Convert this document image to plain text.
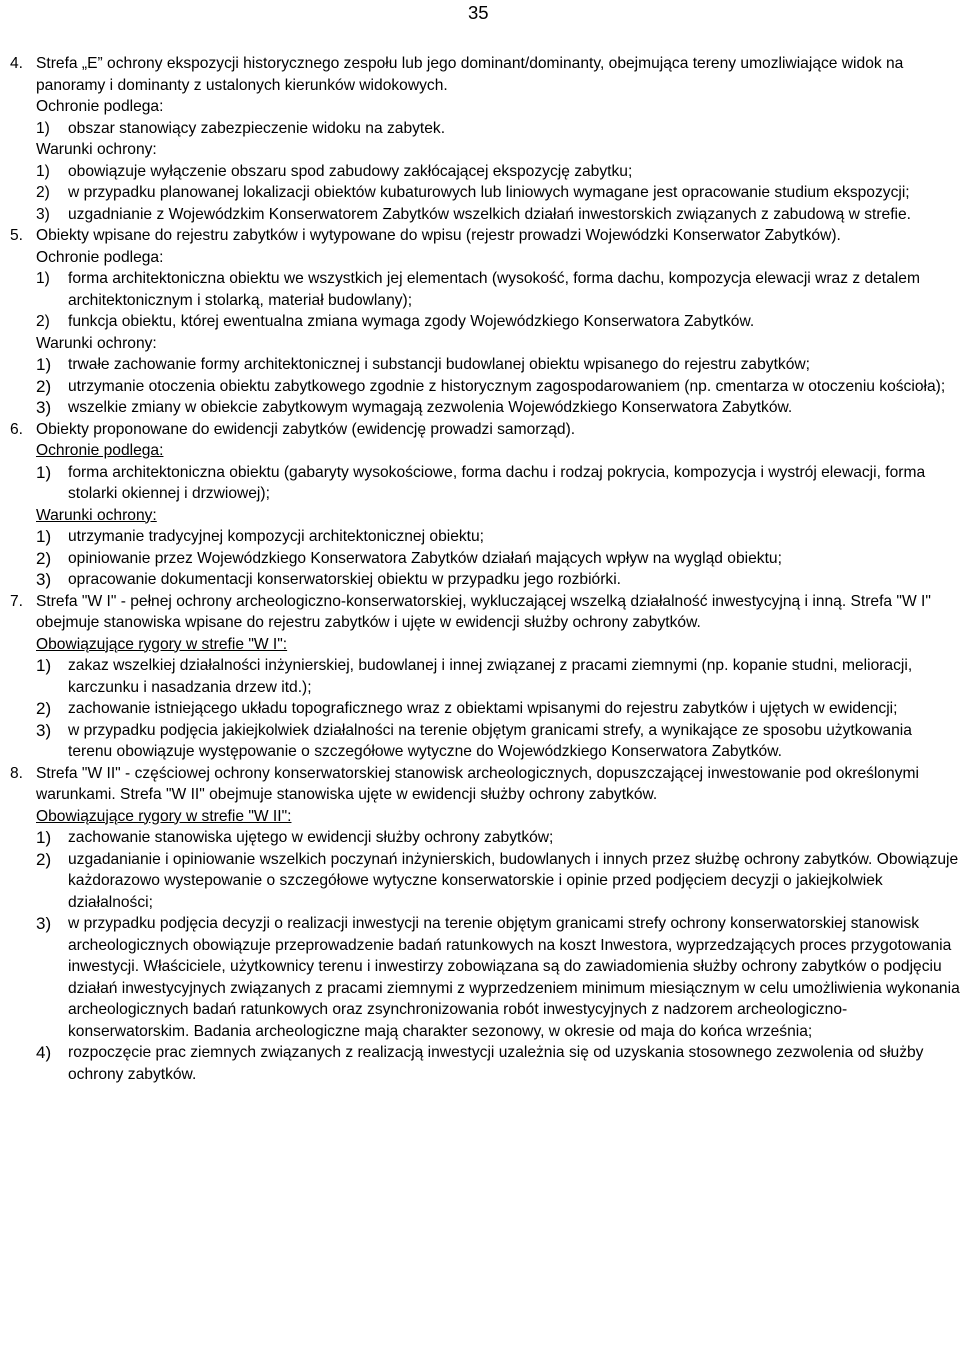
35
4. Strefa „E” ochrony ekspozycji historycznego zespołu lub jego dominant/dominanty, obejmująca tereny umozliwiające widok na panoramy i dominanty z ustalonych kierunków widokowych.
Ochronie podlega:
1) obszar stanowiący zabezpieczenie widoku na zabytek.
Warunki ochrony:
1) obowiązuje wyłączenie obszaru spod zabudowy zakłócającej ekspozycję zabytku;
2) w przypadku planowanej lokalizacji obiektów kubaturowych lub liniowych wymagane jest opracowanie studium ekspozycji;
3) uzgadnianie z Wojewódzkim Konserwatorem Zabytków wszelkich działań inwestorskich związanych z zabudową w strefie.
5. Obiekty wpisane do rejestru zabytków i wytypowane do wpisu (rejestr prowadzi Wojewódzki Konserwator Zabytków).
Ochronie podlega:
1) forma architektoniczna obiektu we wszystkich jej elementach (wysokość, forma dachu, kompozycja elewacji wraz z detalem architektonicznym i stolarką, materiał budowlany);
2) funkcja obiektu, której ewentualna zmiana wymaga zgody Wojewódzkiego Konserwatora Zabytków.
Warunki ochrony:
1) trwałe zachowanie formy architektonicznej i substancji budowlanej obiektu wpisanego do rejestru zabytków;
2) utrzymanie otoczenia obiektu zabytkowego zgodnie z historycznym zagospodarowaniem (np. cmentarza w otoczeniu kościoła);
3) wszelkie zmiany w obiekcie zabytkowym wymagają zezwolenia Wojewódzkiego Konserwatora Zabytków.
6. Obiekty proponowane do ewidencji zabytków (ewidencję prowadzi samorząd).
Ochronie podlega:
1) forma architektoniczna obiektu (gabaryty wysokościowe, forma dachu i rodzaj pokrycia, kompozycja i wystrój elewacji, forma stolarki okiennej i drzwiowej);
Warunki ochrony:
1) utrzymanie tradycyjnej kompozycji architektonicznej obiektu;
2) opiniowanie przez Wojewódzkiego Konserwatora Zabytków działań mających wpływ na wygląd obiektu;
3) opracowanie dokumentacji konserwatorskiej obiektu w przypadku jego rozbiórki.
7. Strefa "W I" - pełnej ochrony archeologiczno-konserwatorskiej, wykluczającej wszelką działalność inwestycyjną i inną. Strefa "W I" obejmuje stanowiska wpisane do rejestru zabytków i ujęte w ewidencji służby ochrony zabytków.
Obowiązujące rygory w strefie "W I":
1) zakaz wszelkiej działalności inżynierskiej, budowlanej i innej związanej z pracami ziemnymi (np. kopanie studni, melioracji, karczunku i nasadzania drzew itd.);
2) zachowanie istniejącego układu topograficznego wraz z obiektami wpisanymi do rejestru zabytków i ujętych w ewidencji;
3) w przypadku podjęcia jakiejkolwiek działalności na terenie objętym granicami strefy, a wynikające ze sposobu użytkowania terenu obowiązuje występowanie o szczegółowe wytyczne do Wojewódzkiego Konserwatora Zabytków.
8. Strefa "W II" - częściowej ochrony konserwatorskiej stanowisk archeologicznych, dopuszczającej inwestowanie pod określonymi warunkami. Strefa "W II" obejmuje stanowiska ujęte w ewidencji służby ochrony zabytków.
Obowiązujące rygory w strefie "W II":
1) zachowanie stanowiska ujętego w ewidencji służby ochrony zabytków;
2) uzgadanianie i opiniowanie wszelkich poczynań inżynierskich, budowlanych i innych przez służbę ochrony zabytków. Obowiązuje każdorazowo wystepowanie o szczegółowe wytyczne konserwatorskie i opinie przed podjęciem decyzji o jakiejkolwiek działalności;
3) w przypadku podjęcia decyzji o realizacji inwestycji na terenie objętym granicami strefy ochrony konserwatorskiej stanowisk archeologicznych obowiązuje przeprowadzenie badań ratunkowych na koszt Inwestora, wyprzedzających proces przygotowania inwestycji. Właściciele, użytkownicy terenu i inwestirzy zobowiązana są do zawiadomienia służby ochrony zabytków o podjęciu działań inwestycyjnych związanych z pracami ziemnymi z wyprzedzeniem minimum miesiącznym w celu umożliwienia wykonania archeologicznych badań ratunkowych oraz zsynchronizowania robót inwestycyjnych z nadzorem archeologiczno-konserwatorskim. Badania archeologiczne mają charakter sezonowy, w okresie od maja do końca września;
4) rozpoczęcie prac ziemnych związanych z realizacją inwestycji uzależnia się od uzyskania stosownego zezwolenia od służby ochrony zabytków.
